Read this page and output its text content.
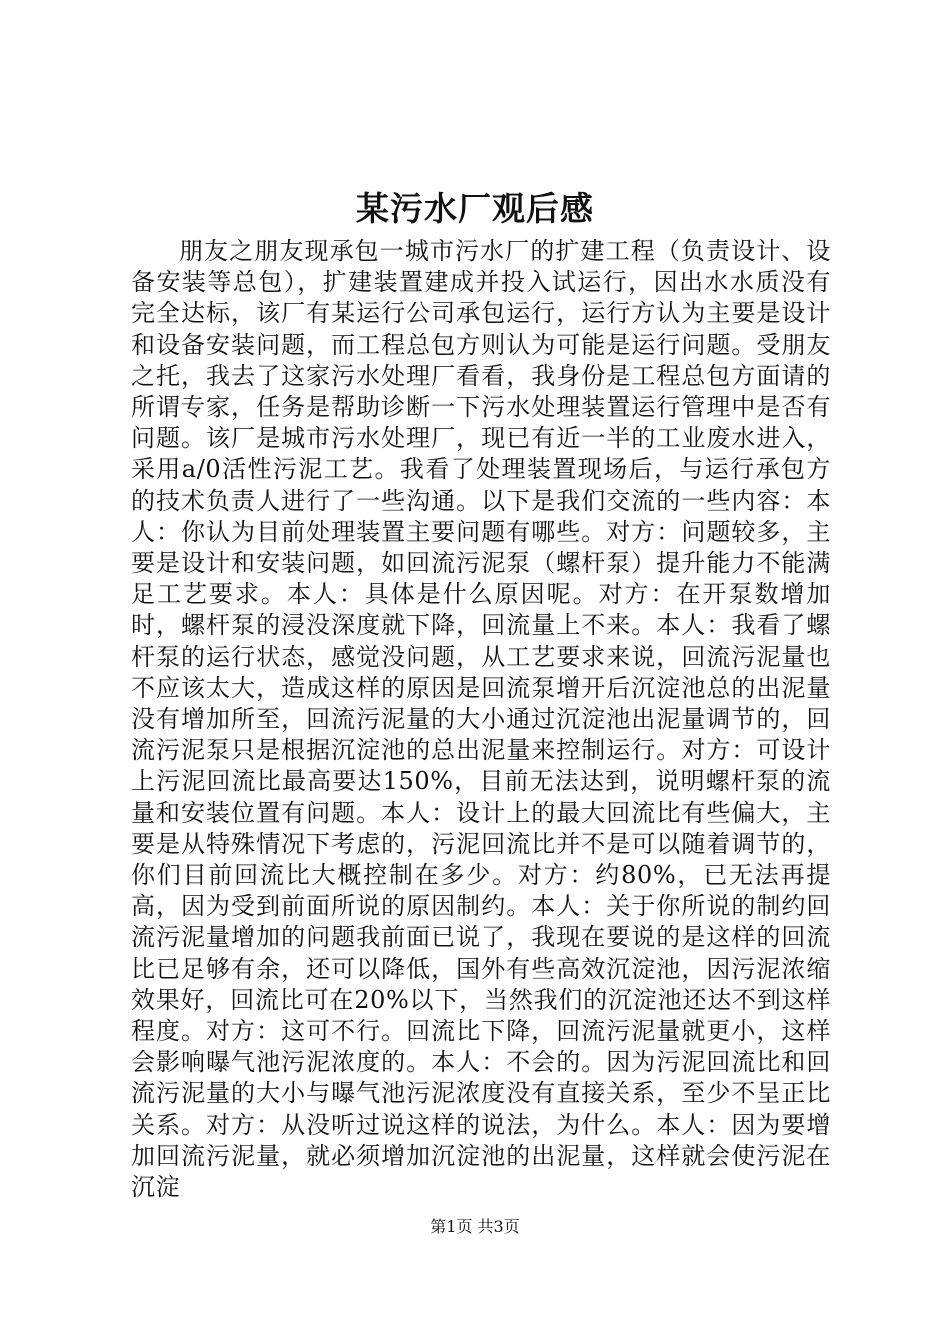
某污水厂观后感

朋友之朋友现承包一城市污水厂的扩建工程（负责设计、设备安装等总包），扩建装置建成并投入试运行，因出水水质没有完全达标，该厂有某运行公司承包运行，运行方认为主要是设计和设备安装问题，而工程总包方则认为可能是运行问题。受朋友之托，我去了这家污水处理厂看看，我身份是工程总包方面请的所谓专家，任务是帮助诊断一下污水处理装置运行管理中是否有问题。该厂是城市污水处理厂，现已有近一半的工业废水进入，采用a/0活性污泥工艺。我看了处理装置现场后，与运行承包方的技术负责人进行了一些沟通。以下是我们交流的一些内容：本人：你认为目前处理装置主要问题有哪些。对方：问题较多，主要是设计和安装问题，如回流污泥泵（螺杆泵）提升能力不能满足工艺要求。本人：具体是什么原因呢。对方：在开泵数增加时，螺杆泵的浸没深度就下降，回流量上不来。本人：我看了螺杆泵的运行状态，感觉没问题，从工艺要求来说，回流污泥量也不应该太大，造成这样的原因是回流泵增开后沉淀池总的出泥量没有增加所至，回流污泥量的大小通过沉淀池出泥量调节的，回流污泥泵只是根据沉淀池的总出泥量来控制运行。对方：可设计上污泥回流比最高要达150%，目前无法达到，说明螺杆泵的流量和安装位置有问题。本人：设计上的最大回流比有些偏大，主要是从特殊情况下考虑的，污泥回流比并不是可以随着调节的，你们目前回流比大概控制在多少。对方：约80%，已无法再提高，因为受到前面所说的原因制约。本人：关于你所说的制约回流污泥量增加的问题我前面已说了，我现在要说的是这样的回流比已足够有余，还可以降低，国外有些高效沉淀池，因污泥浓缩效果好，回流比可在20%以下，当然我们的沉淀池还达不到这样程度。对方：这可不行。回流比下降，回流污泥量就更小，这样会影响曝气池污泥浓度的。本人：不会的。因为污泥回流比和回流污泥量的大小与曝气池污泥浓度没有直接关系，至少不呈正比关系。对方：从没听过说这样的说法，为什么。本人：因为要增加回流污泥量，就必须增加沉淀池的出泥量，这样就会使污泥在沉淀

第1页 共3页
